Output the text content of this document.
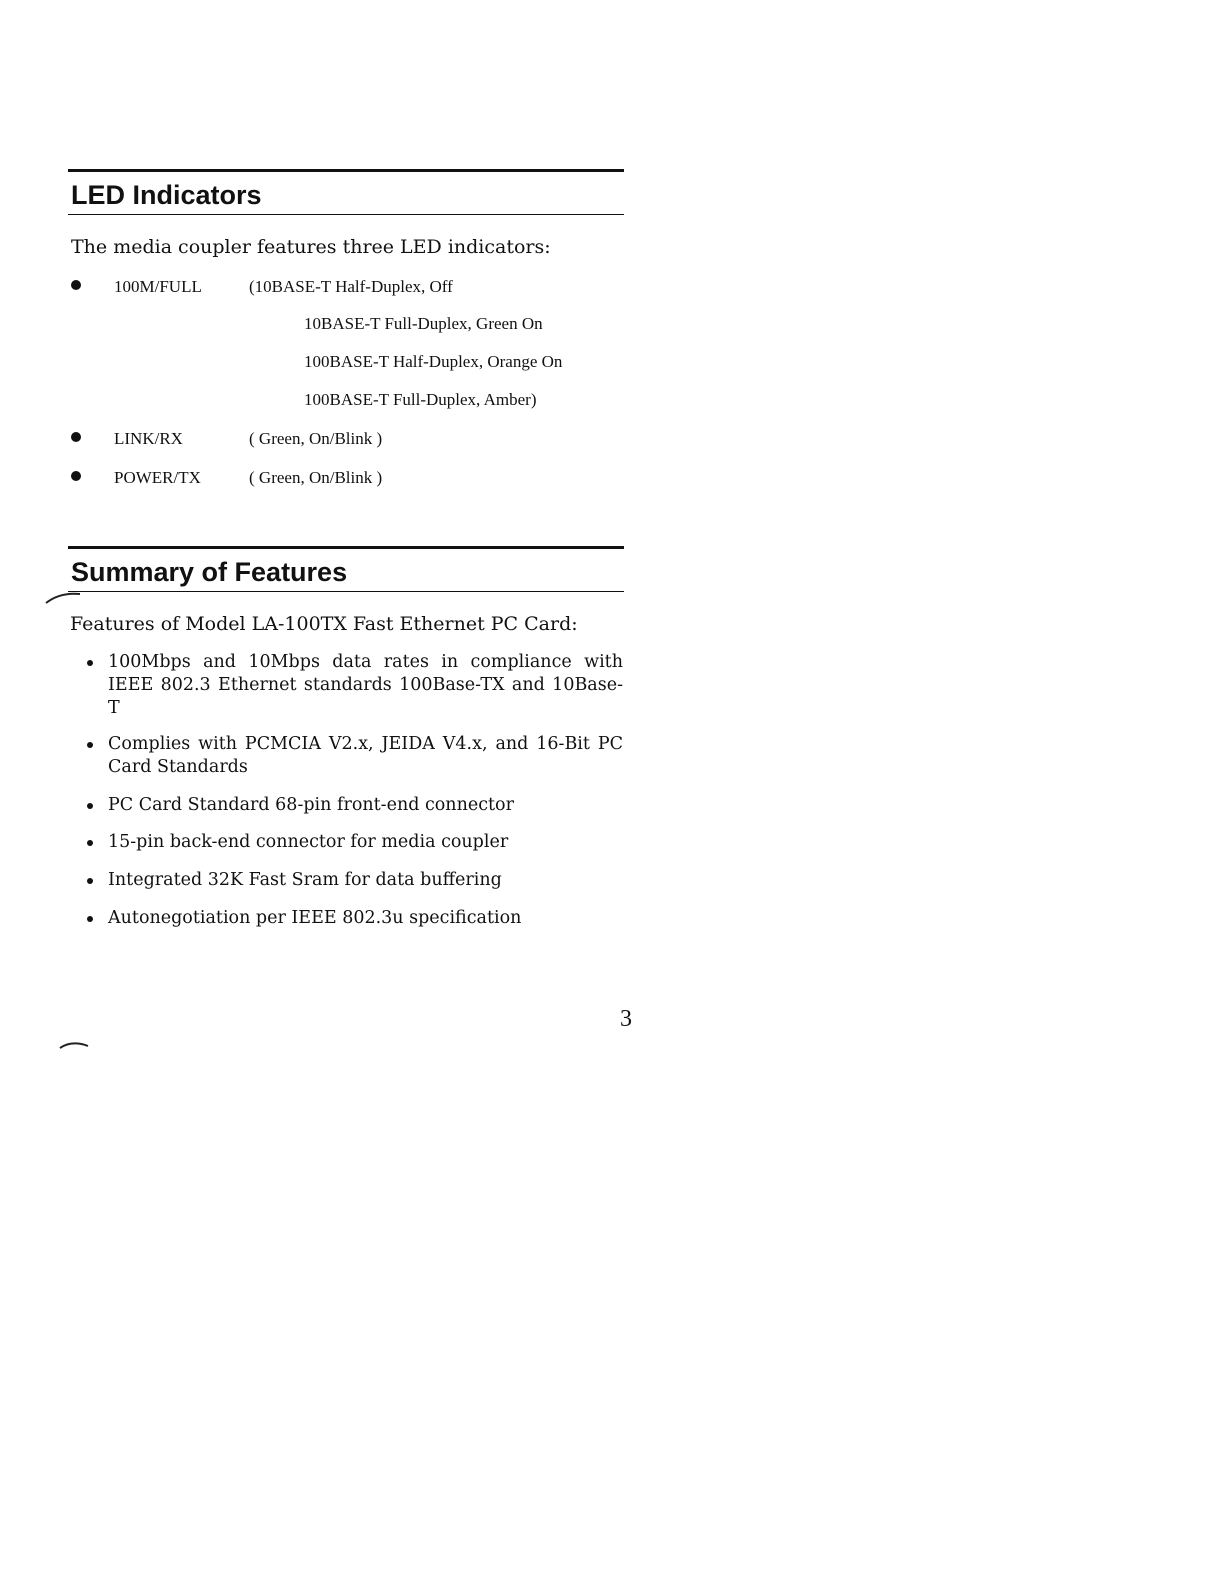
LED Indicators
The media coupler features three LED indicators:
100M/FULL	(10BASE-T Half-Duplex, Off
10BASE-T Full-Duplex, Green On
100BASE-T Half-Duplex, Orange On
100BASE-T Full-Duplex, Amber)
LINK/RX	( Green, On/Blink )
POWER/TX	( Green, On/Blink )
Summary of Features
Features of Model LA-100TX Fast Ethernet PC Card:
100Mbps and 10Mbps data rates in compliance with IEEE 802.3 Ethernet standards 100Base-TX and 10Base-T
Complies with PCMCIA V2.x, JEIDA V4.x, and 16-Bit PC Card Standards
PC Card Standard 68-pin front-end connector
15-pin back-end connector for media coupler
Integrated 32K Fast Sram for data buffering
Autonegotiation per IEEE 802.3u specification
3
